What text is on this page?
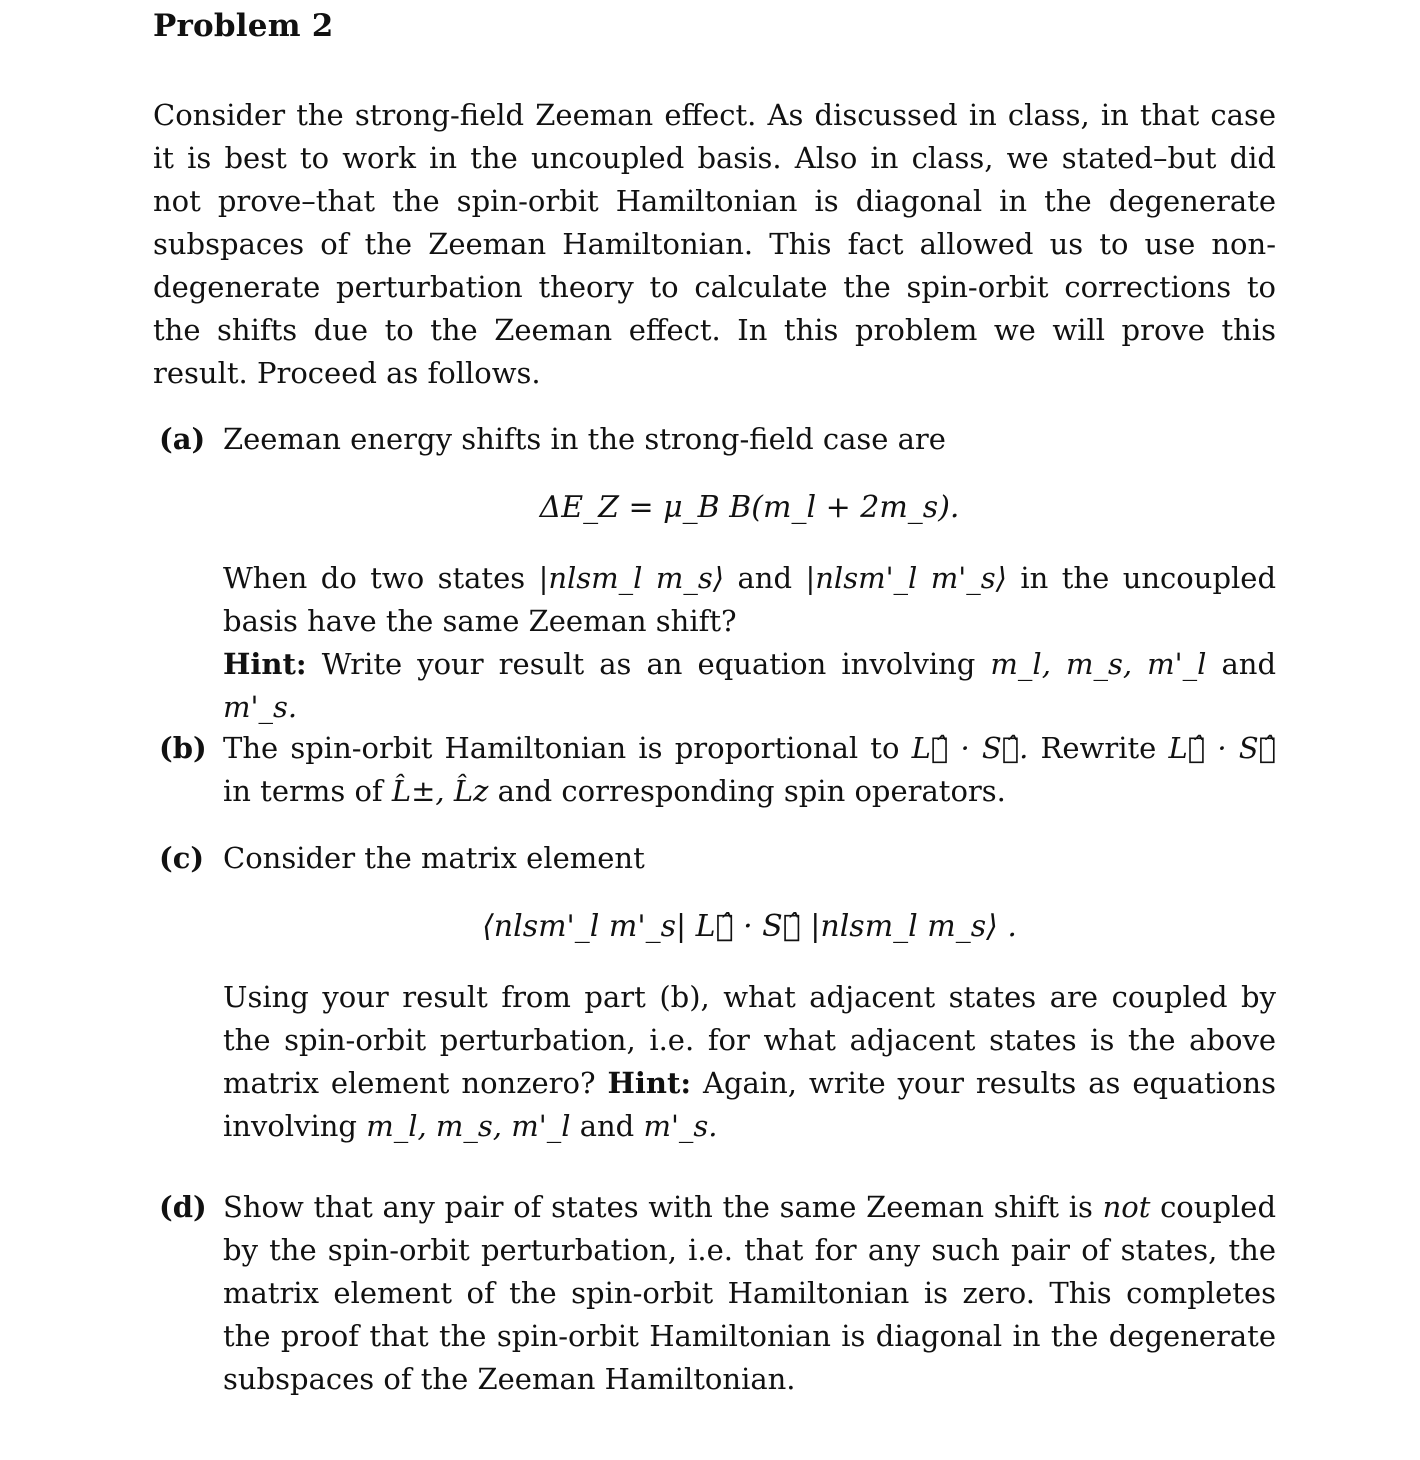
Problem 2

Consider the strong-field Zeeman effect. As discussed in class, in that case it is best to work in the uncoupled basis. Also in class, we stated–but did not prove–that the spin-orbit Hamiltonian is diagonal in the degenerate subspaces of the Zeeman Hamiltonian. This fact allowed us to use non-degenerate perturbation theory to calculate the spin-orbit corrections to the shifts due to the Zeeman effect. In this problem we will prove this result. Proceed as follows.

(a) Zeeman energy shifts in the strong-field case are

ΔE_Z = μ_B B(m_l + 2m_s).

When do two states |nlsm_l m_s⟩ and |nlsm'_l m'_s⟩ in the uncoupled basis have the same Zeeman shift?
Hint: Write your result as an equation involving m_l, m_s, m'_l and m'_s.

(b) The spin-orbit Hamiltonian is proportional to L⃗̂ · S⃗̂. Rewrite L⃗̂ · S⃗̂ in terms of L̂±, L̂z and corresponding spin operators.

(c) Consider the matrix element

⟨nlsm'_l m'_s| L⃗̂ · S⃗̂ |nlsm_l m_s⟩ .

Using your result from part (b), what adjacent states are coupled by the spin-orbit perturbation, i.e. for what adjacent states is the above matrix element nonzero? Hint: Again, write your results as equations involving m_l, m_s, m'_l and m'_s.

(d) Show that any pair of states with the same Zeeman shift is not coupled by the spin-orbit perturbation, i.e. that for any such pair of states, the matrix element of the spin-orbit Hamiltonian is zero. This completes the proof that the spin-orbit Hamiltonian is diagonal in the degenerate subspaces of the Zeeman Hamiltonian.
